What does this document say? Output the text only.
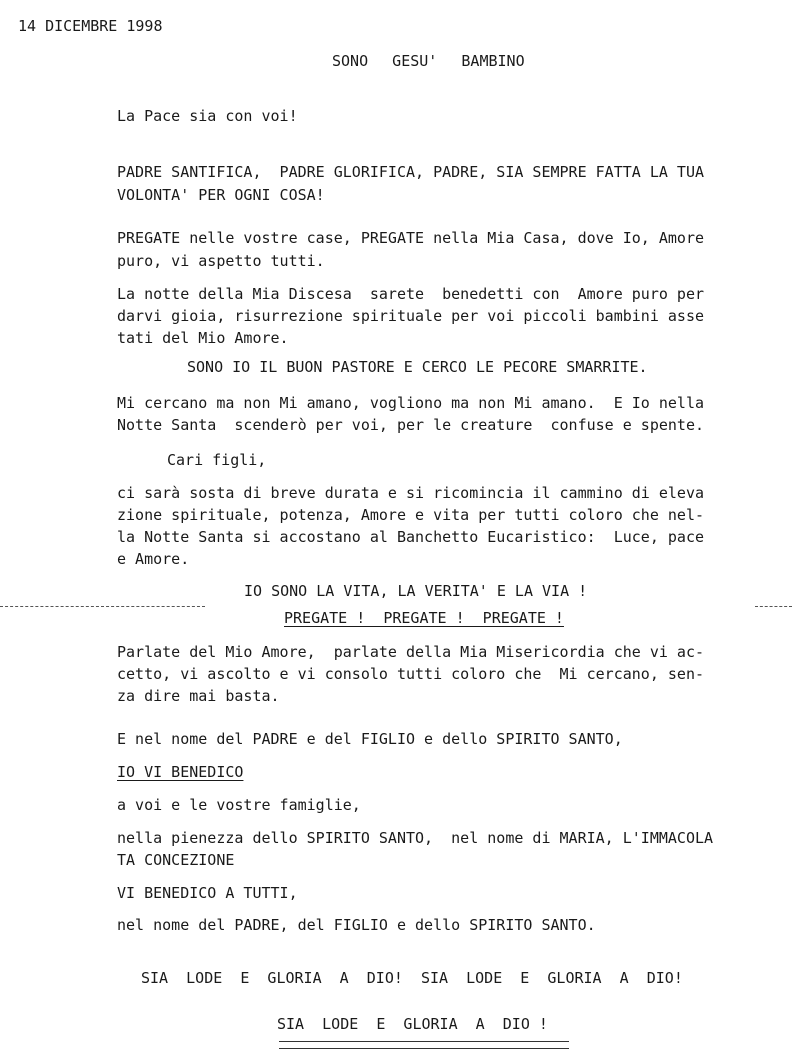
14 DICEMBRE 1998
SONO  GESU'  BAMBINO
La Pace sia con voi!
PADRE SANTIFICA,  PADRE GLORIFICA, PADRE, SIA SEMPRE FATTA LA TUA
VOLONTA' PER OGNI COSA!
PREGATE nelle vostre case, PREGATE nella Mia Casa, dove Io, Amore
puro, vi aspetto tutti.
La notte della Mia Discesa  sarete  benedetti con  Amore puro per
darvi gioia, risurrezione spirituale per voi piccoli bambini asse
tati del Mio Amore.
SONO IO IL BUON PASTORE E CERCO LE PECORE SMARRITE.
Mi cercano ma non Mi amano, vogliono ma non Mi amano.  E Io nella
Notte Santa  scenderò per voi, per le creature  confuse e spente.
Cari figli,
ci sarà sosta di breve durata e si ricomincia il cammino di eleva
zione spirituale, potenza, Amore e vita per tutti coloro che nel-
la Notte Santa si accostano al Banchetto Eucaristico:  Luce, pace
e Amore.
IO SONO LA VITA, LA VERITA' E LA VIA !
PREGATE !  PREGATE !  PREGATE !
Parlate del Mio Amore,  parlate della Mia Misericordia che vi ac-
cetto, vi ascolto e vi consolo tutti coloro che  Mi cercano, sen-
za dire mai basta.
E nel nome del PADRE e del FIGLIO e dello SPIRITO SANTO,
IO VI BENEDICO
a voi e le vostre famiglie,
nella pienezza dello SPIRITO SANTO,  nel nome di MARIA, L'IMMACOLA
TA CONCEZIONE
VI BENEDICO A TUTTI,
nel nome del PADRE, del FIGLIO e dello SPIRITO SANTO.
SIA  LODE  E  GLORIA  A  DIO!  SIA  LODE  E  GLORIA  A  DIO!
SIA  LODE  E  GLORIA  A  DIO !
